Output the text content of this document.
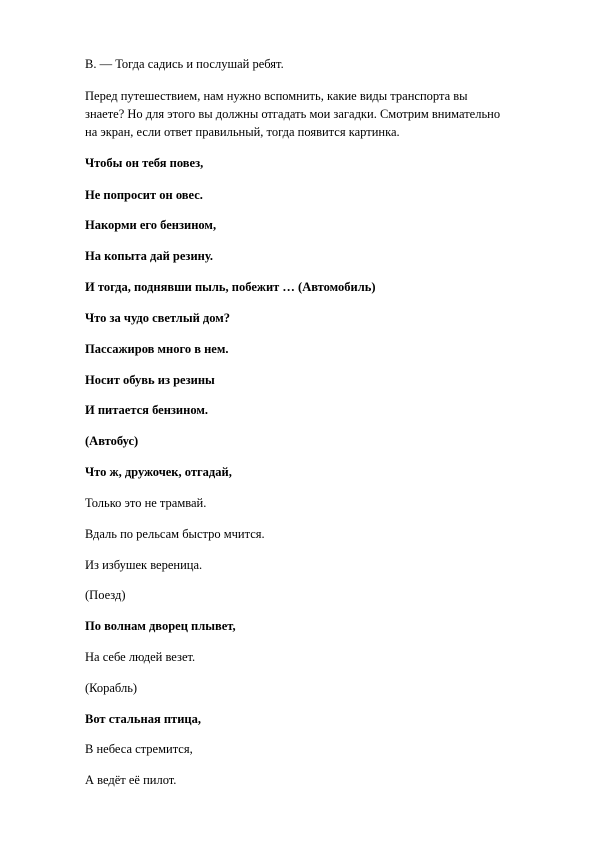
В. — Тогда садись и послушай ребят.
Перед путешествием, нам нужно вспомнить, какие виды транспорта вы
знаете? Но для этого вы должны отгадать мои загадки. Смотрим внимательно
на экран, если ответ правильный, тогда появится картинка.
Чтобы он тебя повез,
Не попросит он овес.
Накорми его бензином,
На копыта дай резину.
И тогда, поднявши пыль, побежит … (Автомобиль)
Что за чудо светлый дом?
Пассажиров много в нем.
Носит обувь из резины
И питается бензином.
(Автобус)
Что ж, дружочек, отгадай,
Только это не трамвай.
Вдаль по рельсам быстро мчится.
Из избушек вереница.
(Поезд)
По волнам дворец плывет,
На себе людей везет.
(Корабль)
Вот стальная птица,
В небеса стремится,
А ведёт её пилот.
